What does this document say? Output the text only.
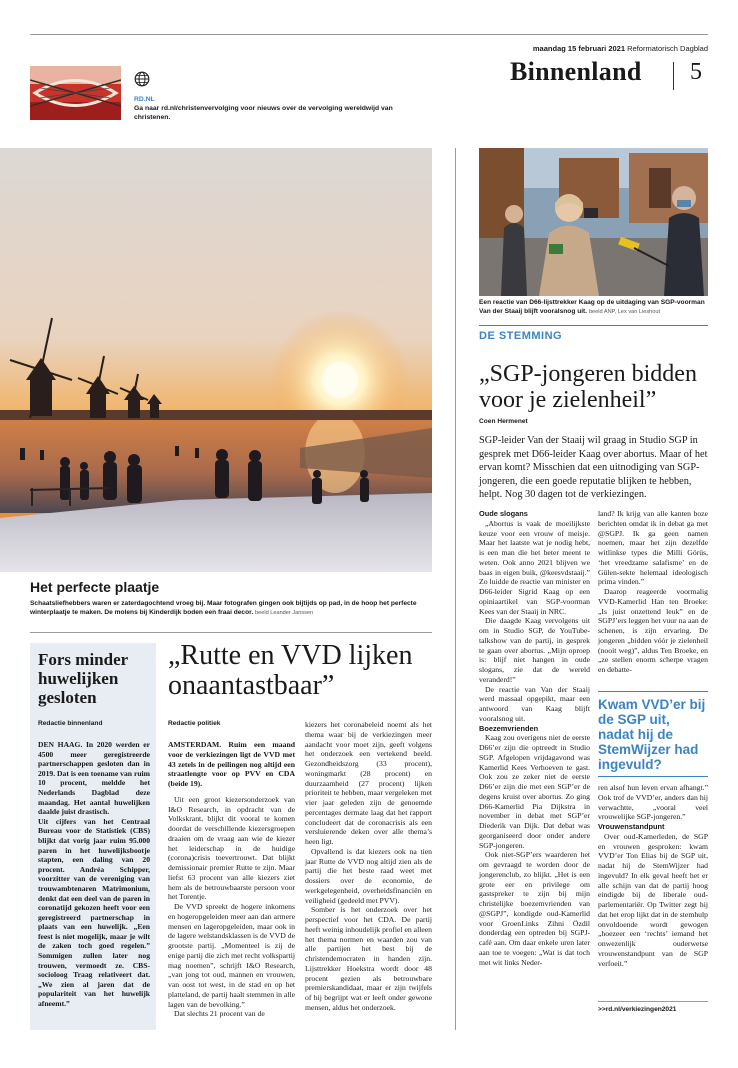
maandag 15 februari 2021 Reformatorisch Dagblad
Binnenland 5
RD.NL
Ga naar rd.nl/christenvervolging voor nieuws over de vervolging wereldwijd van christenen.
Het perfecte plaatje
Schaatsliefhebbers waren er zaterdagochtend vroeg bij. Maar fotografen gingen ook bijtijds op pad, in de hoop het perfecte winterplaatje te maken. De molens bij Kinderdijk boden een fraai decor. beeld Leander Janssen
Een reactie van D66-lijsttrekker Kaag op de uitdaging van SGP-voorman Van der Staaij blijft vooralsnog uit. beeld ANP, Lex van Lieshout
DE STEMMING
„SGP-jongeren bidden voor je zielenheil”
Coen Hermenet
SGP-leider Van der Staaij wil graag in Studio SGP in gesprek met D66-leider Kaag over abortus. Maar of het ervan komt? Misschien dat een uitnodiging van SGP-jongeren, die een goede reputatie blijken te hebben, helpt. Nog 30 dagen tot de verkiezingen.

Oude slogans

„Abortus is vaak de moeilijkste keuze voor een vrouw of meisje. Maar het laatste wat je nodig hebt, is een man die het beter meent te weten. Ook anno 2021 blijven we baas in eigen buik, @keesvdstaaij.” Zo luidde de reactie van minister en D66-leider Sigrid Kaag op een opiniaartikel van SGP-voorman Kees van der Staaij in NRC.

Die daagde Kaag vervolgens uit om in Studio SGP, de YouTube-talkshow van de partij, in gesprek te gaan over abortus. „Mijn oproep is: blijf niet hangen in oude slogans, zie dat de wereld veranderd!”

De reactie van Van der Staaij werd massaal opgepikt, maar een antwoord van Kaag blijft vooralsnog uit.

Boezemvrienden

Kaag zou overigens niet de eerste D66’er zijn die optreedt in Studio SGP. Afgelopen vrijdagavond was Kamerlid Kees Verhoeven te gast. Ook zou ze zeker niet de eerste D66’er zijn die met een SGP’er de degens kruist over abortus. Zo ging D66-Kamerlid Pia Dijkstra in november in debat met SGP’er Diederik van Dijk. Dat debat was georganiseerd door onder andere SGP-jongeren.

Ook niet-SGP’ers waarderen het om gevraagd te worden door de jongerenclub, zo blijkt. „Het is een grote eer en privilege om gastspreker te zijn bij mijn christelijke boezemvrienden van @SGPJ”, kondigde oud-Kamerlid voor GroenLinks Zihni Özdil donderdag een optreden bij SGPJ-café aan. Om daar enkele uren later aan toe te voegen: „Wat is dat toch met wit links Neder-

land? Ik krijg van alle kanten boze berichten omdat ik in debat ga met @SGPJ. Ik ga geen namen noemen, maar het zijn dezelfde witlinkse types die Milli Görüs, ‘het vreedzame salafisme’ en de Gülen-sekte helemaal ideologisch prima vinden.”

Daarop reageerde voormalig VVD-Kamerlid Han ten Broeke: „Is juist onzettend leuk” en de SGPJ’ers leggen het vuur na aan de schenen, is zijn ervaring. De jongeren „bidden vóór je zielenheil (nooit weg)”, aldus Ten Broeke, en „ze stellen enorm scherpe vragen en debatte-

Kwam VVD’er bij de SGP uit, nadat hij de StemWijzer had ingevuld?

ren alsof hun leven ervan afhangt.” Ook trof de VVD’er, anders dan hij verwachtte, „vooral veel vrouwelijke SGP-jongeren.”

Vrouwenstandpunt

Over oud-Kamerleden, de SGP en vrouwen gesproken: kwam VVD’er Ton Elias bij de SGP uit, nadat hij de StemWijzer had ingevuld? In elk geval heeft het er alle schijn van dat de partij hoog eindigde bij de liberale oud-parlementariër. Op Twitter zegt hij dat het erop lijkt dat in de stemhulp onvoldoende wordt gewogen „hoezeer een ‘rechts’ iemand het onwezenlijk ouderwetse vrouwenstandpunt van de SGP verfoeit.”

>>rd.nl/verkiezingen2021
Fors minder huwelijken gesloten
Redactie binnenland

DEN HAAG. In 2020 werden er 4500 meer geregistreerde partnerschappen gesloten dan in 2019. Dat is een toename van ruim 10 procent, meldde het Nederlands Dagblad deze maandag. Het aantal huwelijken daalde juist drastisch.

Uit cijfers van het Centraal Bureau voor de Statistiek (CBS) blijkt dat vorig jaar ruim 95.000 paren in het huwelijksbootje stapten, een daling van 20 procent. Andréa Schipper, voorzitter van de vereniging van trouwambtenaren Matrimonium, denkt dat een deel van de paren in coronatijd gekozen heeft voor een geregistreerd partnerschap in plaats van een huwelijk. „Een feest is niet mogelijk, maar je wilt de zaken toch goed regelen.” Sommigen zullen later nog trouwen, vermoedt ze. CBS-socioloog Traag relativeert dat. „We zien al jaren dat de populariteit van het huwelijk afneemt.”

„Rutte en VVD lijken onaantastbaar”
Redactie politiek

AMSTERDAM. Ruim een maand voor de verkiezingen ligt de VVD met 43 zetels in de peilingen nog altijd een straatlengte voor op PVV en CDA (beide 19).

Uit een groot kiezersonderzoek van I&O Research, in opdracht van de Volkskrant, blijkt dit vooral te komen doordat de verschillende kiezersgroepen draaien om de vraag aan wie de kiezer het leiderschap in de huidige (corona)crisis toevertrouwt. Dat blijkt demissionair premier Rutte te zijn. Maar liefst 63 procent van alle kiezers ziet hem als de betrouwbaarste persoon voor het Torentje.

De VVD spreekt de hogere inkomens en hogeropgeleiden meer aan dan armere mensen en lageropgeleiden, maar ook in de lagere welstandsklassen is de VVD de grootste partij. „Momenteel is zij de enige partij die zich met recht volkspartij mag noemen”, schrijft I&O Research, „van jong tot oud, mannen en vrouwen, van oost tot west, in de stad en op het platteland, de partij haalt stemmen in alle lagen van de bevolking.”

Dat slechts 21 procent van de

kiezers het coronabeleid noemt als het thema waar bij de verkiezingen meer aandacht voor moet zijn, geeft volgens het onderzoek een vertekend beeld. Gezondheidszorg (33 procent), woningmarkt (28 procent) en duurzaamheid (27 procent) lijken prioriteit te hebben, maar vergeleken met vier jaar geleden zijn de genoemde percentages dermate laag dat het rapport concludeert dat de coronacrisis als een versluierende deken over alle thema’s heen ligt.

Opvallend is dat kiezers ook na tien jaar Rutte de VVD nog altijd zien als de partij die het beste raad weet met dossiers over de economie, de werkgelegenheid, overheidsfinanciën en veiligheid (gedeeld met PVV).

Somber is het onderzoek over het perspectief voor het CDA. De partij heeft weinig inhoudelijk profiel en alleen het thema normen en waarden zou van alle partijen het best bij de christendemocraten in handen zijn. Lijsttrekker Hoekstra wordt door 48 procent gezien als betrouwbare premierskandidaat, maar er zijn twijfels of hij begrijpt wat er leeft onder gewone mensen, aldus het onderzoek.
